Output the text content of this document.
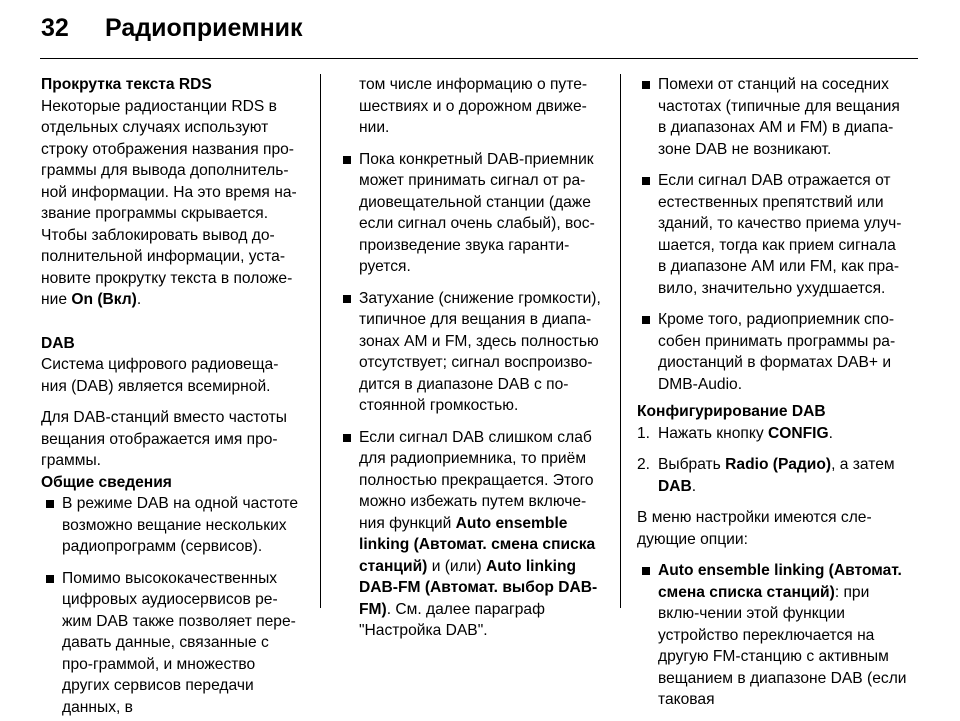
32 Радиоприемник
Прокрутка текста RDS

Некоторые радиостанции RDS в отдельных случаях используют строку отображения названия про-граммы для вывода дополнитель-ной информации. На это время на-звание программы скрывается. Чтобы заблокировать вывод до-полнительной информации, уста-новите прокрутку текста в положе-ние On (Вкл).

DAB

Система цифрового радиовеща-ния (DAB) является всемирной.

Для DAB-станций вместо частоты вещания отображается имя про-граммы.

Общие сведения
В режиме DAB на одной частоте возможно вещание нескольких радиопрограмм (сервисов).
Помимо высококачественных цифровых аудиосервисов ре-жим DAB также позволяет пере-давать данные, связанные с про-граммой, и множество других сервисов передачи данных, в
том числе информацию о путе-шествиях и о дорожном движе-нии.
Пока конкретный DAB-приемник может принимать сигнал от ра-диовещательной станции (даже если сигнал очень слабый), вос-произведение звука гаранти-руется.
Затухание (снижение громкости), типичное для вещания в диапа-зонах AM и FM, здесь полностью отсутствует; сигнал воспроизво-дится в диапазоне DAB с по-стоянной громкостью.
Если сигнал DAB слишком слаб для радиоприемника, то приём полностью прекращается. Этого можно избежать путем включе-ния функций Auto ensemble linking (Автомат. смена списка станций) и (или) Auto linking DAB-FM (Автомат. выбор DAB-FM). См. далее параграф "Настройка DAB".
Помехи от станций на соседних частотах (типичные для вещания в диапазонах AM и FM) в диапа-зоне DAB не возникают.
Если сигнал DAB отражается от естественных препятствий или зданий, то качество приема улуч-шается, тогда как прием сигнала в диапазоне AM или FM, как пра-вило, значительно ухудшается.
Кроме того, радиоприемник спо-собен принимать программы ра-диостанций в форматах DAB+ и DMB-Audio.
Конфигурирование DAB
1. Нажать кнопку CONFIG.
2. Выбрать Radio (Радио), а затем DAB.

В меню настройки имеются сле-дующие опции:

Auto ensemble linking (Автомат. смена списка станций): при вклю-чении этой функции устройство переключается на другую FM-станцию с активным вещанием в диапазоне DAB (если таковая
